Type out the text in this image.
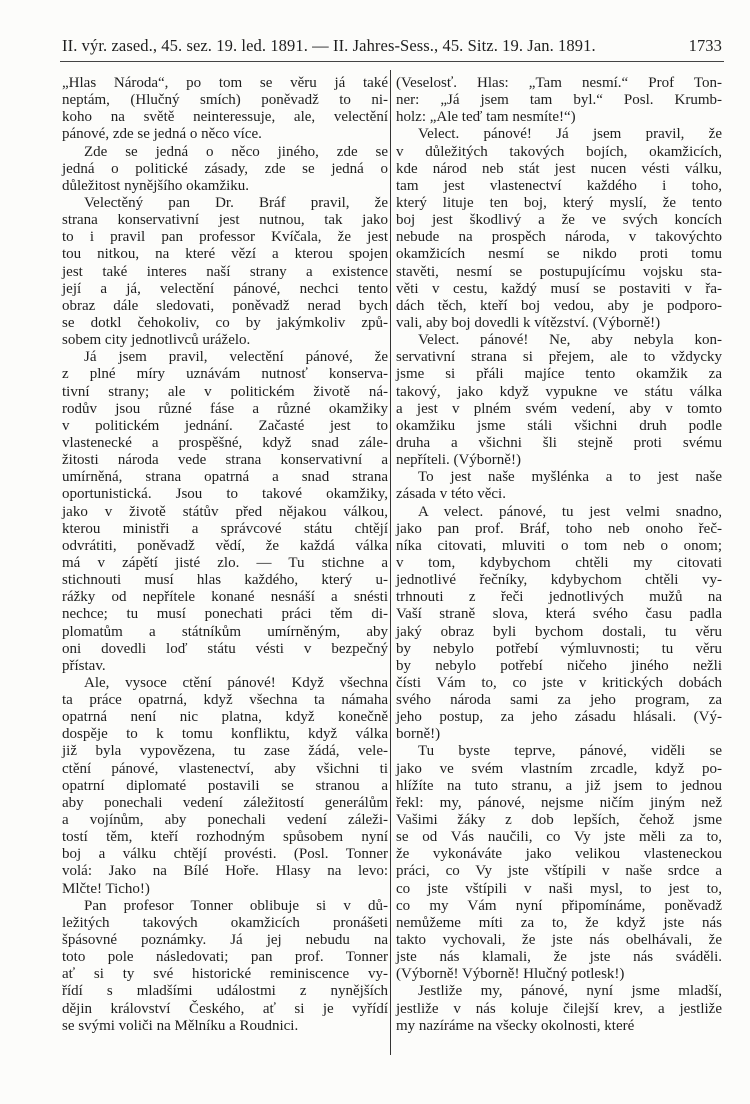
II. výr. zased., 45. sez. 19. led. 1891. — II. Jahres-Sess., 45. Sitz. 19. Jan. 1891.	1733
„Hlas Národa“, po tom se věru já také
neptám, (Hlučný smích) poněvadž to ni-
koho na světě neinteressuje, ale, velectění
pánové, zde se jedná o něco více.
Zde se jedná o něco jiného, zde se
jedná o politické zásady, zde se jedná o
důležitost nynějšího okamžiku.
Velectěný pan Dr. Bráf pravil, že
strana konservativní jest nutnou, tak jako
to i pravil pan professor Kvíčala, že jest
tou nitkou, na které vězí a kterou spojen
jest také interes naší strany a existence
její a já, velectění pánové, nechci tento
obraz dále sledovati, poněvadž nerad bych
se dotkl čehokoliv, co by jakýmkoliv způ-
sobem city jednotlivců urážel​o.
Já jsem pravil, velectění pánové, že
z plné míry uznávám nutnosť konserva-
tivní strany; ale v politickém životě ná-
rodův jsou různé fáse a různé okamžiky
v politickém jednání. Začasté jest to
vlastenecké a prospěšné, když snad zále-
žitosti národa vede strana konservativní a
umírněná, strana opatrná a snad strana
oportunistická. Jsou to takové okamžiky,
jako v životě státův před nějakou válkou,
kterou ministři a správcové státu chtějí
odvrátiti, poněvadž vědí, že každá válka
má v zápětí jisté zlo. — Tu stichne a
stichnouti musí hlas každého, který u-
rážky od nepřítele konané nesnáší a snésti
nechce; tu musí ponechati práci těm di-
plomatům a státníkům umírněným, aby
oni dovedli loď státu vésti v bezpečný
přístav.
Ale, vysoce ctění pánové! Když všechna
ta práce opatrná, když všechna ta námaha
opatrná není nic platna, když konečně
dospěje to k tomu konfliktu, když válka
již byla vypovězena, tu zase žádá, vele-
ctění pánové, vlastenectví, aby všichni ti
opatrní diplomaté postavili se stranou a
aby ponechali vedení záležitostí generálům
a vojínům, aby ponechali vedení záleži-
tostí těm, kteří rozhodným spůsobem nyní
boj a válku chtějí provésti. (Posl. Tonner
volá: Jako na Bílé Hoře. Hlasy na levo:
Mlčte! Ticho!)
Pan profesor Tonner oblibuje si v dů-
ležitých takových okamžicích pronášeti
špásovné poznámky. Já jej nebudu na
toto pole následovati; pan prof. Tonner
ať si ty své historické reminiscence vy-
řídí s mladšími událostmi z nynějších
dějin království Českého, ať si je vyřídí
se svými voliči na Mělníku a Roudnici.
(Veselosť. Hlas: „Tam nesmí.“ Prof Ton-
ner: „Já jsem tam byl.“ Posl. Krumb-
holz: „Ale teď tam nesmíte!“)
Velect. pánové! Já jsem pravil, že
v důležitých takových bojích, okamžicích,
kde národ neb stát jest nucen vésti válku,
tam jest vlastenectví každého i toho,
který lituje ten boj, který myslí, že tento
boj jest škodlivý a že ve svých koncích
nebude na prospěch národa, v takovýchto
okamžicích nesmí se nikdo proti tomu
stavěti, nesmí se postupujícímu vojsku sta-
věti v cestu, každý musí se postaviti v řa-
dách těch, kteří boj vedou, aby je podporo-
vali, aby boj dovedli k vítězství. (Výborně!)
Velect. pánové! Ne, aby nebyla kon-
servativní strana si přejem, ale to vždycky
jsme si přáli majíce tento okamžik za
takový, jako když vypukne ve státu válka
a jest v plném svém vedení, aby v tomto
okamžiku jsme stáli všichni druh podle
druha a všichni šli stejně proti svému
nepříteli. (Výborně!)
To jest naše myšlénka a to jest naše
zásada v této věci.
A velect. pánové, tu jest velmi snadno,
jako pan prof. Bráf, toho neb onoho řeč-
níka citovati, mluviti o tom neb o onom;
v tom, kdybychom chtěli my citovati
jednotlivé řečníky, kdybychom chtěli vy-
trhnouti z řeči jednotlivých mužů na
Vaší straně slova, která svého času padla
jaký obraz byli bychom dostali, tu věru
by nebylo potřebí výmluvnosti; tu věru
by nebylo potřebí ničeho jiného nežli
čísti Vám to, co jste v kritických dobách
svého národa sami za jeho program, za
jeho postup, za jeho zásadu hlásali. (Vý-
borně!)
Tu byste teprve, pánové, viděli se
jako ve svém vlastním zrcadle, když po-
hlížíte na tuto stranu, a již jsem to jednou
řekl: my, pánové, nejsme ničím jiným než
Vašimi žáky z dob lepších, čehož jsme
se od Vás naučili, co Vy jste měli za to,
že vykonáváte jako velikou vlasteneckou
práci, co Vy jste vštípili v naše srdce a
co jste vštípili v naši mysl, to jest to,
co my Vám nyní připomínáme, poněvadž
nemůžeme míti za to, že když jste nás
takto vychovali, že jste nás obelhávali, že
jste nás klamali, že jste nás sváděli.
(Výborně! Výborně! Hlučný potlesk!)
Jestliže my, pánové, nyní jsme mladší,
jestliže v nás koluje čilejší krev, a jestliže
my nazíráme na všecky okolnosti, které
